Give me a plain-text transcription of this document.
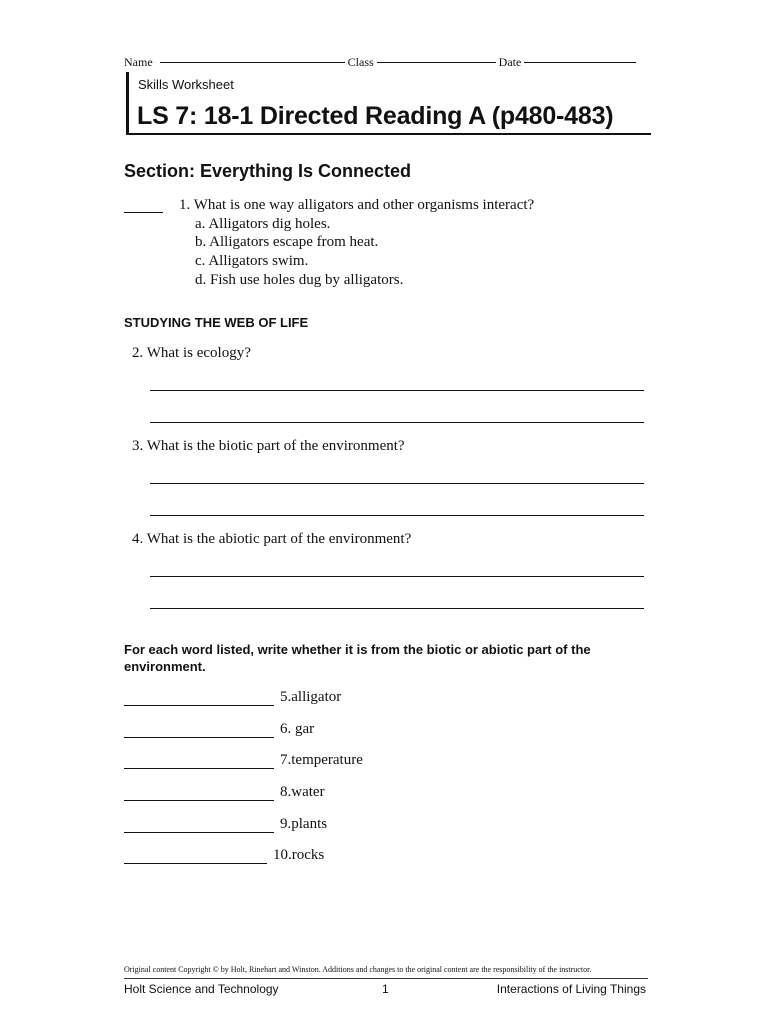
Name	Class	Date
Skills Worksheet
LS 7: 18-1 Directed Reading A (p480-483)
Section: Everything Is Connected
1. What is one way alligators and other organisms interact?
a. Alligators dig holes.
b. Alligators escape from heat.
c. Alligators swim.
d. Fish use holes dug by alligators.
STUDYING THE WEB OF LIFE
2. What is ecology?
3. What is the biotic part of the environment?
4. What is the abiotic part of the environment?
For each word listed, write whether it is from the biotic or abiotic part of the
environment.
5.alligator
6. gar
7.temperature
8.water
9.plants
10.rocks
Original content Copyright © by Holt, Rinehart and Winston. Additions and changes to the original content are the responsibility of the instructor.
Holt Science and Technology	1	Interactions of Living Things
